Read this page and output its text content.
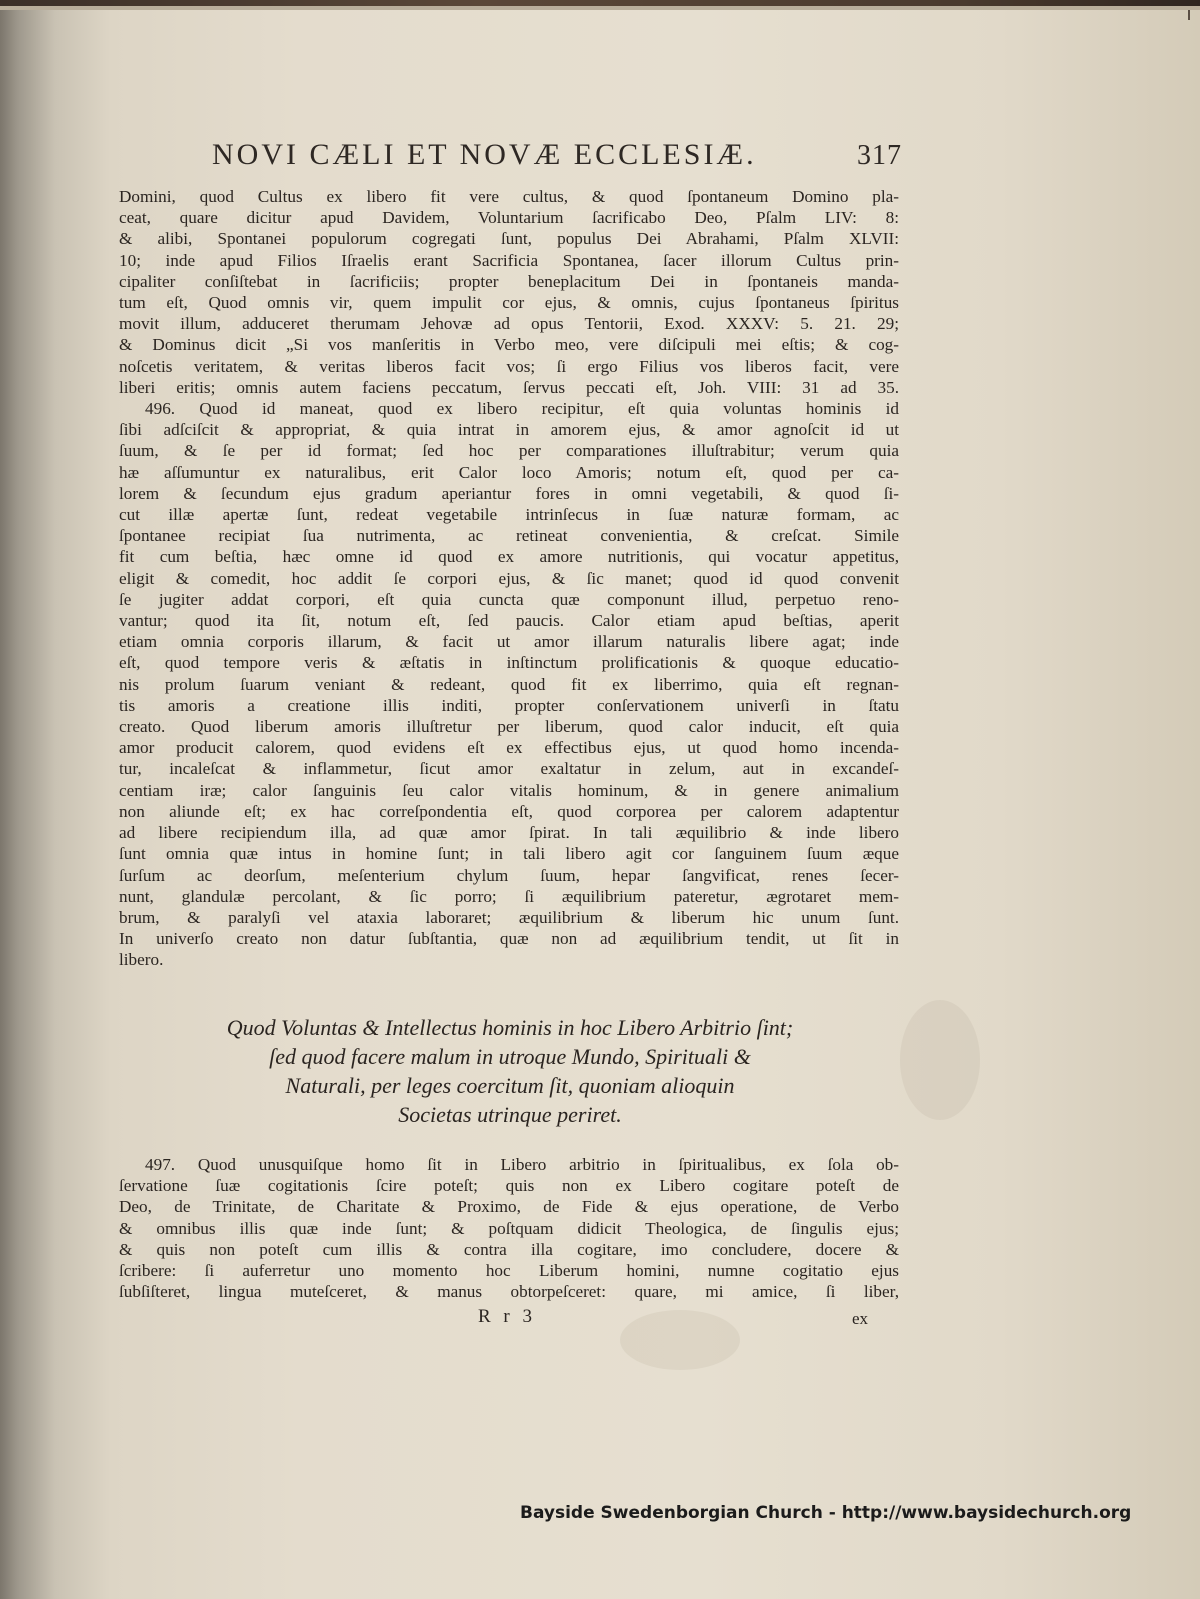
NOVI CÆLI ET NOVÆ ECCLESIÆ.	317
Domini, quod Cultus ex libero fit vere cultus, & quod ſpontaneum Domino pla-
ceat, quare dicitur apud Davidem, Voluntarium ſacrificabo Deo, Pſalm LIV: 8:
& alibi, Spontanei populorum cogregati ſunt, populus Dei Abrahami, Pſalm XLVII:
10; inde apud Filios Iſraelis erant Sacrificia Spontanea, ſacer illorum Cultus prin-
cipaliter conſiſtebat in ſacrificiis; propter beneplacitum Dei in ſpontaneis manda-
tum eſt, Quod omnis vir, quem impulit cor ejus, & omnis, cujus ſpontaneus ſpiritus
movit illum, adduceret therumam Jehovæ ad opus Tentorii, Exod. XXXV: 5. 21. 29;
& Dominus dicit „Si vos manſeritis in Verbo meo, vere diſcipuli mei eſtis; & cog-
noſcetis veritatem, & veritas liberos facit vos; ſi ergo Filius vos liberos facit, vere
liberi eritis; omnis autem faciens peccatum, ſervus peccati eſt, Joh. VIII: 31 ad 35.
496. Quod id maneat, quod ex libero recipitur, eſt quia voluntas hominis id
ſibi adſciſcit & appropriat, & quia intrat in amorem ejus, & amor agnoſcit id ut
ſuum, & ſe per id format; ſed hoc per comparationes illuſtrabitur; verum quia
hæ aſſumuntur ex naturalibus, erit Calor loco Amoris; notum eſt, quod per ca-
lorem & ſecundum ejus gradum aperiantur fores in omni vegetabili, & quod ſi-
cut illæ apertæ ſunt, redeat vegetabile intrinſecus in ſuæ naturæ formam, ac
ſpontanee recipiat ſua nutrimenta, ac retineat convenientia, & creſcat. Simile
fit cum beſtia, hæc omne id quod ex amore nutritionis, qui vocatur appetitus,
eligit & comedit, hoc addit ſe corpori ejus, & ſic manet; quod id quod convenit
ſe jugiter addat corpori, eſt quia cuncta quæ componunt illud, perpetuo reno-
vantur; quod ita ſit, notum eſt, ſed paucis. Calor etiam apud beſtias, aperit
etiam omnia corporis illarum, & facit ut amor illarum naturalis libere agat; inde
eſt, quod tempore veris & æſtatis in inſtinctum prolificationis & quoque educatio-
nis prolum ſuarum veniant & redeant, quod fit ex liberrimo, quia eſt regnan-
tis amoris a creatione illis inditi, propter conſervationem univerſi in ſtatu
creato. Quod liberum amoris illuſtretur per liberum, quod calor inducit, eſt quia
amor producit calorem, quod evidens eſt ex effectibus ejus, ut quod homo incenda-
tur, incaleſcat & inflammetur, ſicut amor exaltatur in zelum, aut in excandeſ-
centiam iræ; calor ſanguinis ſeu calor vitalis hominum, & in genere animalium
non aliunde eſt; ex hac correſpondentia eſt, quod corporea per calorem adaptentur
ad libere recipiendum illa, ad quæ amor ſpirat. In tali æquilibrio & inde libero
ſunt omnia quæ intus in homine ſunt; in tali libero agit cor ſanguinem ſuum æque
ſurſum ac deorſum, meſenterium chylum ſuum, hepar ſangvificat, renes ſecer-
nunt, glandulæ percolant, & ſic porro; ſi æquilibrium pateretur, ægrotaret mem-
brum, & paralyſi vel ataxia laboraret; æquilibrium & liberum hic unum ſunt.
In univerſo creato non datur ſubſtantia, quæ non ad æquilibrium tendit, ut ſit in
libero.
Quod Voluntas & Intellectus hominis in hoc Libero Arbitrio ſint;
ſed quod facere malum in utroque Mundo, Spirituali &
Naturali, per leges coercitum ſit, quoniam alioquin
Societas utrinque periret.
497. Quod unusquiſque homo ſit in Libero arbitrio in ſpiritualibus, ex ſola ob-
ſervatione ſuæ cogitationis ſcire poteſt; quis non ex Libero cogitare poteſt de
Deo, de Trinitate, de Charitate & Proximo, de Fide & ejus operatione, de Verbo
& omnibus illis quæ inde ſunt; & poſtquam didicit Theologica, de ſingulis ejus;
& quis non poteſt cum illis & contra illa cogitare, imo concludere, docere &
ſcribere: ſi auferretur uno momento hoc Liberum homini, numne cogitatio ejus
ſubſiſteret, lingua muteſceret, & manus obtorpeſceret: quare, mi amice, ſi liber,
R r 3	ex
Bayside Swedenborgian Church - http://www.baysidechurch.org
